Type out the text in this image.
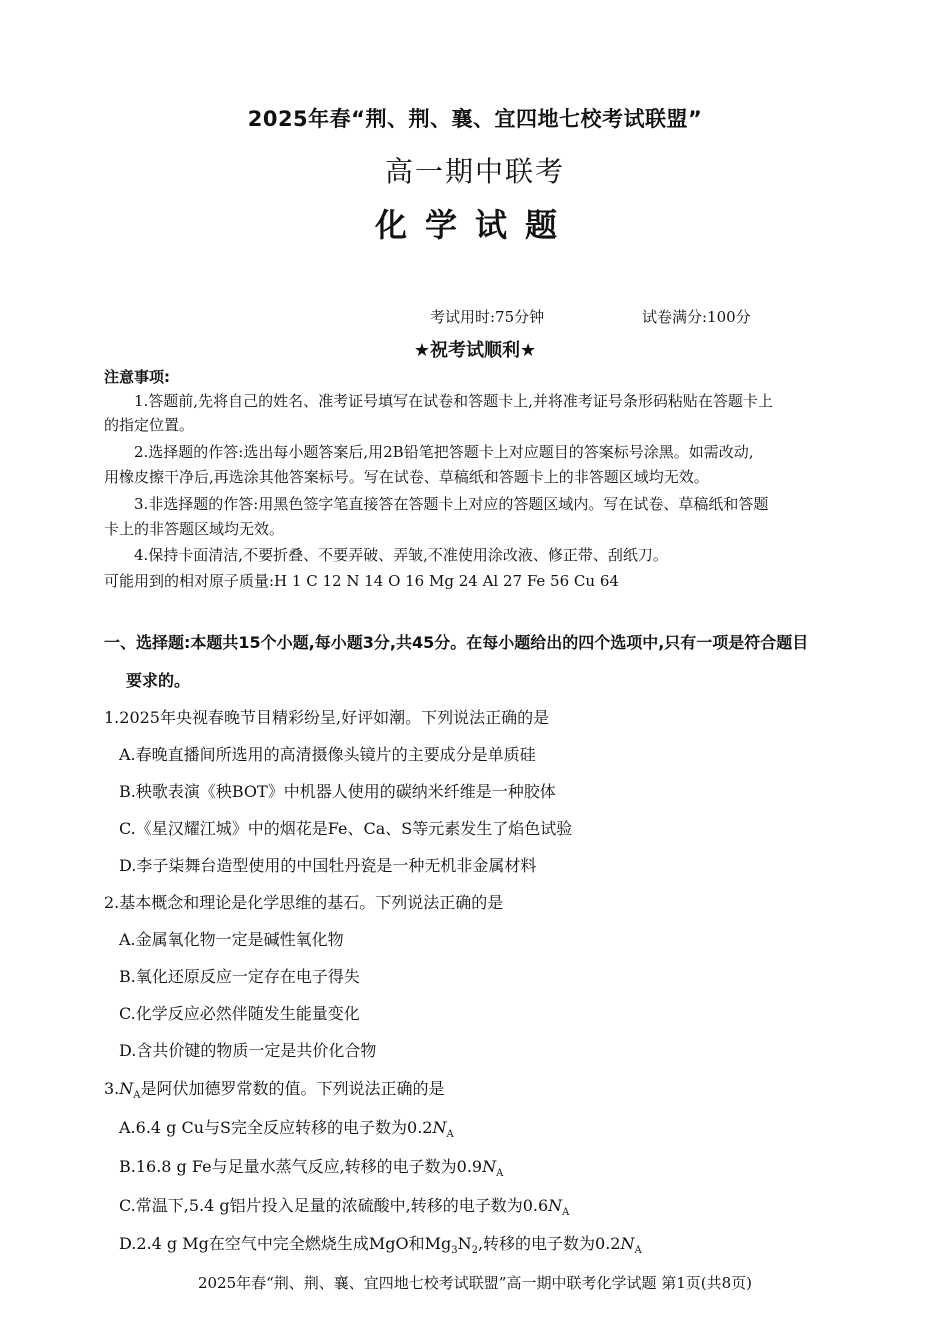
2025年春“荆、荆、襄、宜四地七校考试联盟”
高一期中联考
化学试题
考试用时:75分钟	试卷满分:100分
★祝考试顺利★
注意事项:
1.答题前,先将自己的姓名、准考证号填写在试卷和答题卡上,并将准考证号条形码粘贴在答题卡上
的指定位置。
2.选择题的作答:选出每小题答案后,用2B铅笔把答题卡上对应题目的答案标号涂黑。如需改动,
用橡皮擦干净后,再选涂其他答案标号。写在试卷、草稿纸和答题卡上的非答题区域均无效。
3.非选择题的作答:用黑色签字笔直接答在答题卡上对应的答题区域内。写在试卷、草稿纸和答题
卡上的非答题区域均无效。
4.保持卡面清洁,不要折叠、不要弄破、弄皱,不准使用涂改液、修正带、刮纸刀。
可能用到的相对原子质量:H 1 C 12 N 14 O 16 Mg 24 Al 27 Fe 56 Cu 64
一、选择题:本题共15个小题,每小题3分,共45分。在每小题给出的四个选项中,只有一项是符合题目
要求的。
1.2025年央视春晚节目精彩纷呈,好评如潮。下列说法正确的是
A.春晚直播间所选用的高清摄像头镜片的主要成分是单质硅
B.秧歌表演《秧BOT》中机器人使用的碳纳米纤维是一种胶体
C.《星汉耀江城》中的烟花是Fe、Ca、S等元素发生了焰色试验
D.李子柒舞台造型使用的中国牡丹瓷是一种无机非金属材料
2.基本概念和理论是化学思维的基石。下列说法正确的是
A.金属氧化物一定是碱性氧化物
B.氧化还原反应一定存在电子得失
C.化学反应必然伴随发生能量变化
D.含共价键的物质一定是共价化合物
$3.N_A$是阿伏加德罗常数的值。下列说法正确的是
A.6.4 g Cu与S完全反应转移的电子数为$0.2N_A$
B.16.8 g Fe与足量水蒸气反应,转移的电子数为$0.9N_A$
C.常温下,5.4 g铝片投入足量的浓硫酸中,转移的电子数为$0.6N_A$
D.2.4 g Mg在空气中完全燃烧生成MgO和$Mg_3N_2$,转移的电子数为$0.2N_A$
2025年春“荆、荆、襄、宜四地七校考试联盟”高一期中联考化学试题 第1页(共8页)
